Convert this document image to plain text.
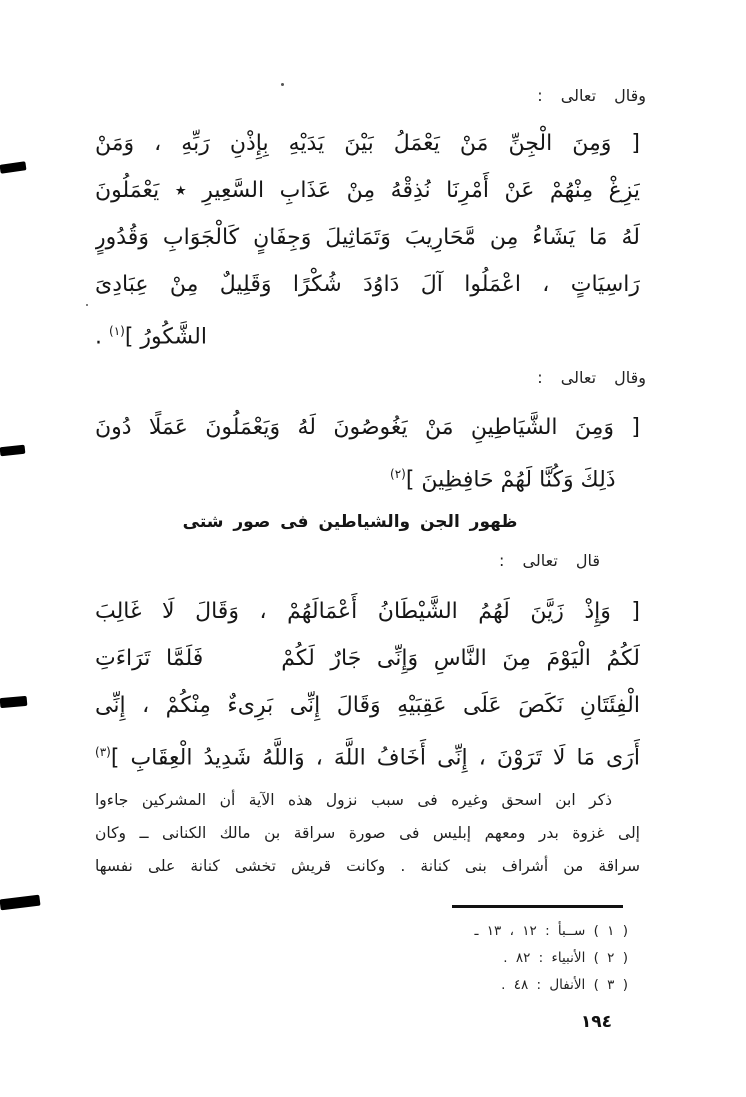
وقال تعالى :
[ وَمِنَ الْجِنِّ مَنْ يَعْمَلُ بَيْنَ يَدَيْهِ بِإِذْنِ رَبِّهِ ، وَمَنْ
يَزِغْ مِنْهُمْ عَنْ أَمْرِنَا نُذِقْهُ مِنْ عَذَابِ السَّعِيرِ ٭ يَعْمَلُونَ
لَهُ مَا يَشَاءُ مِن مَّحَارِيبَ وَتَمَاثِيلَ وَجِفَانٍ كَالْجَوَابِ وَقُدُورٍ
رَاسِيَاتٍ ، اعْمَلُوا آلَ دَاوُدَ شُكْرًا وَقَلِيلٌ مِنْ عِبَادِىَ
الشَّكُورُ ]$^{(١)}$ .
وقال تعالى :
[ وَمِنَ الشَّيَاطِينِ مَنْ يَغُوصُونَ لَهُ وَيَعْمَلُونَ عَمَلًا دُونَ
ذَلِكَ وَكُنَّا لَهُمْ حَافِظِينَ ]$^{(٢)}$
ظهور الجن والشياطين فى صور شتى
قال تعالى :
[ وَإِذْ زَيَّنَ لَهُمُ الشَّيْطَانُ أَعْمَالَهُمْ ، وَقَالَ لَا غَالِبَ
لَكُمُ الْيَوْمَ مِنَ النَّاسِ وَإِنِّى جَارٌ لَكُمْ     فَلَمَّا تَرَاءَتِ
الْفِئَتَانِ نَكَصَ عَلَى عَقِبَيْهِ وَقَالَ إِنِّى بَرِىءٌ مِنْكُمْ ، إِنِّى
أَرَى مَا لَا تَرَوْنَ ، إِنِّى أَخَافُ اللَّهَ ، وَاللَّهُ شَدِيدُ الْعِقَابِ ]$^{(٣)}$
ذكر ابن اسحق وغيره فى سبب نزول هذه الآية أن المشركين جاءوا
إلى غزوة بدر ومعهم إبليس فى صورة سراقة بن مالك الكنانى ــ وكان
سراقة من أشراف بنى كنانة . وكانت قريش تخشى كنانة على نفسها
( ١ ) ســبأ : ١٢ ، ١٣ ـ
( ٢ ) الأنبياء : ٨٢ .
( ٣ ) الأنفال : ٤٨ .
١٩٤
